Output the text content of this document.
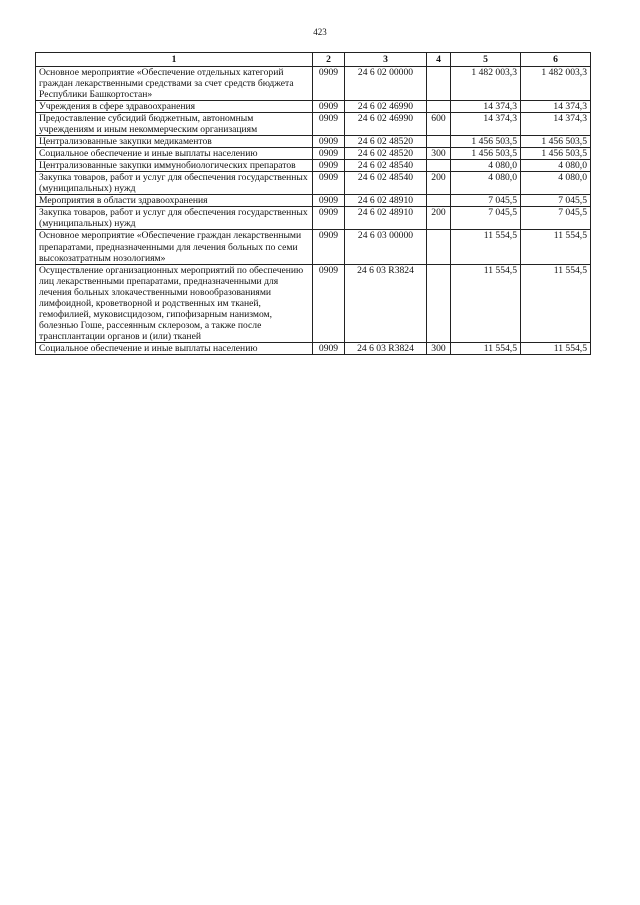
423
1	2	3	4	5	6
Основное мероприятие «Обеспечение отдельных категорий граждан лекарственными средствами за счет средств бюджета Республики Башкортостан»	0909	24 6 02 00000		1 482 003,3	1 482 003,3
Учреждения в сфере здравоохранения	0909	24 6 02 46990		14 374,3	14 374,3
Предоставление субсидий бюджетным, автономным учреждениям и иным некоммерческим организациям	0909	24 6 02 46990	600	14 374,3	14 374,3
Централизованные закупки медикаментов	0909	24 6 02 48520		1 456 503,5	1 456 503,5
Социальное обеспечение и иные выплаты населению	0909	24 6 02 48520	300	1 456 503,5	1 456 503,5
Централизованные закупки иммунобиологических препаратов	0909	24 6 02 48540		4 080,0	4 080,0
Закупка товаров, работ и услуг для обеспечения государственных (муниципальных) нужд	0909	24 6 02 48540	200	4 080,0	4 080,0
Мероприятия в области здравоохранения	0909	24 6 02 48910		7 045,5	7 045,5
Закупка товаров, работ и услуг для обеспечения государственных (муниципальных) нужд	0909	24 6 02 48910	200	7 045,5	7 045,5
Основное мероприятие «Обеспечение граждан лекарственными препаратами, предназначенными для лечения больных по семи высокозатратным нозологиям»	0909	24 6 03 00000		11 554,5	11 554,5
Осуществление организационных мероприятий по обеспечению лиц лекарственными препаратами, предназначенными для лечения больных злокачественными новообразованиями лимфоидной, кроветворной и родственных им тканей, гемофилией, муковисцидозом, гипофизарным нанизмом, болезнью Гоше, рассеянным склерозом, а также после трансплантации органов и (или) тканей	0909	24 6 03 R3824		11 554,5	11 554,5
Социальное обеспечение и иные выплаты населению	0909	24 6 03 R3824	300	11 554,5	11 554,5
